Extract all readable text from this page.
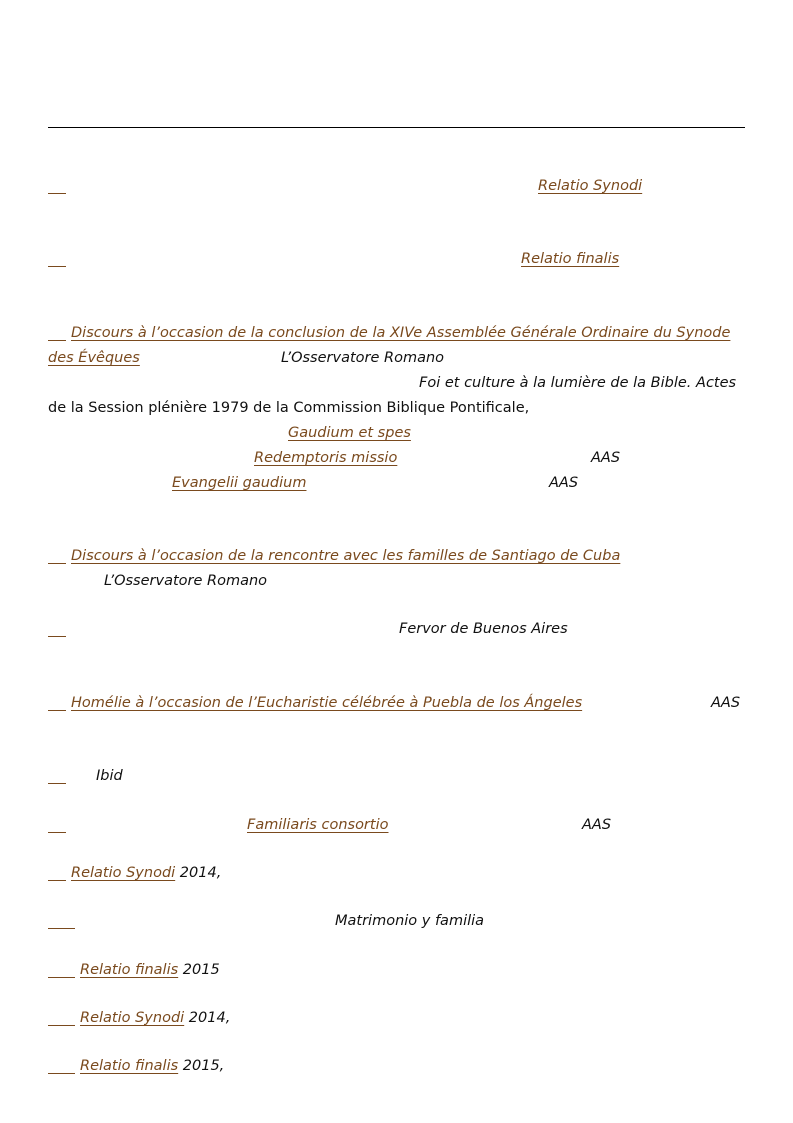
Relatio Synodi
Relatio finalis
Discours à l’occasion de la conclusion de la XIVe Assemblée Générale Ordinaire du Synode
des Évêques	L’Osservatore Romano
Foi et culture à la lumière de la Bible. Actes
de la Session plénière 1979 de la Commission Biblique Pontificale,
Gaudium et spes
Redemptoris missio	AAS
Evangelii gaudium	AAS
Discours à l’occasion de la rencontre avec les familles de Santiago de Cuba
L’Osservatore Romano
Fervor de Buenos Aires
Homélie à l’occasion de l’Eucharistie célébrée à Puebla de los Ángeles	AAS
Ibid
Familiaris consortio	AAS
Relatio Synodi 2014,
Matrimonio y familia
Relatio finalis 2015
Relatio Synodi 2014,
Relatio finalis 2015,
